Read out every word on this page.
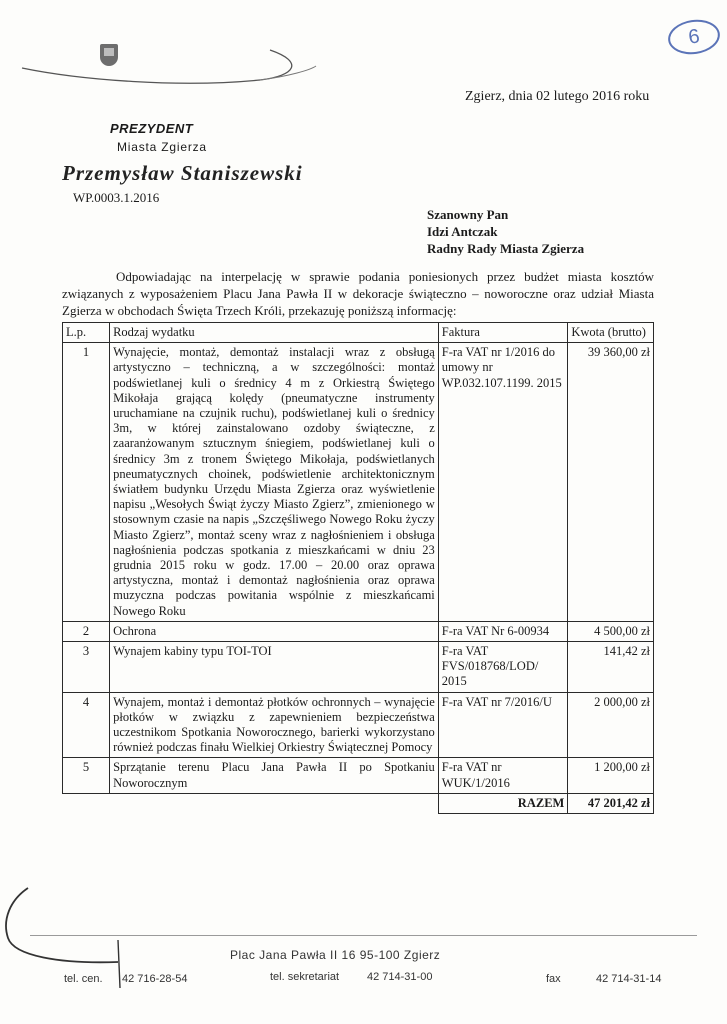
6
Zgierz, dnia 02 lutego 2016 roku
PREZYDENT
Miasta Zgierza
Przemysław Staniszewski
WP.0003.1.2016
Szanowny Pan
Idzi Antczak
Radny Rady Miasta Zgierza
Odpowiadając na interpelację w sprawie podania poniesionych przez budżet miasta kosztów związanych z wyposażeniem Placu Jana Pawła II w dekoracje świąteczno – noworoczne oraz udział Miasta Zgierza w obchodach Święta Trzech Króli, przekazuję poniższą informację:
L.p.	Rodzaj wydatku	Faktura	Kwota (brutto)
1	Wynajęcie, montaż, demontaż instalacji wraz z obsługą artystyczno – techniczną, a w szczególności: montaż podświetlanej kuli o średnicy 4 m z Orkiestrą Świętego Mikołaja grającą kolędy (pneumatyczne instrumenty uruchamiane na czujnik ruchu), podświetlanej kuli o średnicy 3m, w której zainstalowano ozdoby świąteczne, z zaaranżowanym sztucznym śniegiem, podświetlanej kuli o średnicy 3m z tronem Świętego Mikołaja, podświetlanych pneumatycznych choinek, podświetlenie architektonicznym światłem budynku Urzędu Miasta Zgierza oraz wyświetlenie napisu „Wesołych Świąt życzy Miasto Zgierz”, zmienionego w stosownym czasie na napis „Szczęśliwego Nowego Roku życzy Miasto Zgierz”, montaż sceny wraz z nagłośnieniem i obsługa nagłośnienia podczas spotkania z mieszkańcami w dniu 23 grudnia 2015 roku w godz. 17.00 – 20.00 oraz oprawa artystyczna, montaż i demontaż nagłośnienia oraz oprawa muzyczna podczas powitania wspólnie z mieszkańcami Nowego Roku	F-ra VAT nr 1/2016 do umowy nr WP.032.107.1199. 2015	39 360,00 zł
2	Ochrona	F-ra VAT Nr 6-00934	4 500,00 zł
3	Wynajem kabiny typu TOI-TOI	F-ra VAT FVS/018768/LOD/ 2015	141,42 zł
4	Wynajem, montaż i demontaż płotków ochronnych – wynajęcie płotków w związku z zapewnieniem bezpieczeństwa uczestnikom Spotkania Noworocznego, barierki wykorzystano również podczas finału Wielkiej Orkiestry Świątecznej Pomocy	F-ra VAT nr 7/2016/U	2 000,00 zł
5	Sprzątanie terenu Placu Jana Pawła II po Spotkaniu Noworocznym	F-ra VAT nr WUK/1/2016	1 200,00 zł
		RAZEM	47 201,42 zł
Plac Jana Pawła II 16 95-100 Zgierz
tel. cen. 42 716-28-54	tel. sekretariat	42 714-31-00	fax	42 714-31-14
